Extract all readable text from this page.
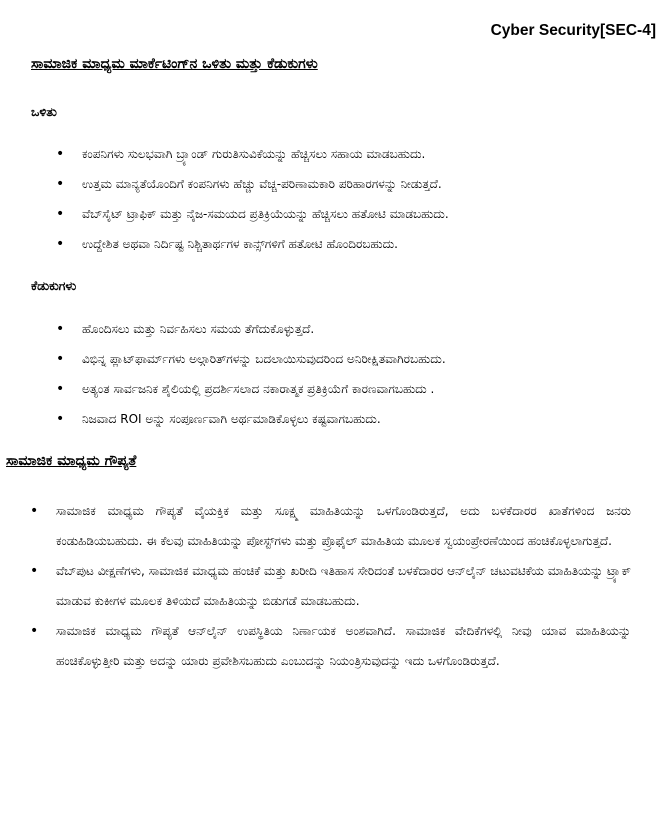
Cyber Security[SEC-4]
ಸಾಮಾಜಿಕ ಮಾಧ್ಯಮ ಮಾರ್ಕೆಟಿಂಗ್‌ನ ಒಳಿತು ಮತ್ತು ಕೆಡುಕುಗಳು
ಒಳಿತು
• ಕಂಪನಿಗಳು ಸುಲಭವಾಗಿ ಬ್ರ್ಯಾಂಡ್ ಗುರುತಿಸುವಿಕೆಯನ್ನು ಹೆಚ್ಚಿಸಲು ಸಹಾಯ ಮಾಡಬಹುದು.
• ಉತ್ತಮ ಮಾನ್ಯತೆಯೊಂದಿಗೆ ಕಂಪನಿಗಳು ಹೆಚ್ಚು ವೆಚ್ಚ-ಪರಿಣಾಮಕಾರಿ ಪರಿಹಾರಗಳನ್ನು ನೀಡುತ್ತದೆ.
• ವೆಬ್‌ಸೈಟ್ ಟ್ರಾಫಿಕ್ ಮತ್ತು ನೈಜ-ಸಮಯದ ಪ್ರತಿಕ್ರಿಯೆಯನ್ನು ಹೆಚ್ಚಿಸಲು ಹತೋಟಿ ಮಾಡಬಹುದು.
• ಉದ್ದೇಶಿತ ಅಥವಾ ನಿರ್ದಿಷ್ಟ ನಿಶ್ಚಿತಾರ್ಥಗಳ ಕಾನ್ಸ್‌ಗಳಿಗೆ ಹತೋಟಿ ಹೊಂದಿರಬಹುದು.
ಕೆಡುಕುಗಳು
• ಹೊಂದಿಸಲು ಮತ್ತು ನಿರ್ವಹಿಸಲು ಸಮಯ ತೆಗೆದುಕೊಳ್ಳುತ್ತದೆ.
• ವಿಭಿನ್ನ ಪ್ಲಾಟ್‌ಫಾರ್ಮ್‌ಗಳು ಅಲ್ಗಾರಿತ್‌ಗಳನ್ನು ಬದಲಾಯಿಸುವುದರಿಂದ ಅನಿರೀಕ್ಷಿತವಾಗಿರಬಹುದು.
• ಅತ್ಯಂತ ಸಾರ್ವಜನಿಕ ಶೈಲಿಯಲ್ಲಿ ಪ್ರದರ್ಶಿಸಲಾದ ನಕಾರಾತ್ಮಕ ಪ್ರತಿಕ್ರಿಯೆಗೆ ಕಾರಣವಾಗಬಹುದು .
• ನಿಜವಾದ ROI ಅನ್ನು ಸಂಪೂರ್ಣವಾಗಿ ಅರ್ಥಮಾಡಿಕೊಳ್ಳಲು ಕಷ್ಟವಾಗಬಹುದು.
ಸಾಮಾಜಿಕ ಮಾಧ್ಯಮ ಗೌಪ್ಯತೆ
• ಸಾಮಾಜಿಕ ಮಾಧ್ಯಮ ಗೌಪ್ಯತೆ ವೈಯಕ್ತಿಕ ಮತ್ತು ಸೂಕ್ಷ್ಮ ಮಾಹಿತಿಯನ್ನು ಒಳಗೊಂಡಿರುತ್ತದೆ, ಅದು ಬಳಕೆದಾರರ ಖಾತೆಗಳಿಂದ ಜನರು ಕಂಡುಹಿಡಿಯಬಹುದು. ಈ ಕೆಲವು ಮಾಹಿತಿಯನ್ನು ಪೋಸ್ಟ್‌ಗಳು ಮತ್ತು ಪ್ರೊಫೈಲ್ ಮಾಹಿತಿಯ ಮೂಲಕ ಸ್ವಯಂಪ್ರೇರಣೆಯಿಂದ ಹಂಚಿಕೊಳ್ಳಲಾಗುತ್ತದೆ.
• ವೆಬ್‌ಪುಟ ವೀಕ್ಷಣೆಗಳು, ಸಾಮಾಜಿಕ ಮಾಧ್ಯಮ ಹಂಚಿಕೆ ಮತ್ತು ಖರೀದಿ ಇತಿಹಾಸ ಸೇರಿದಂತೆ ಬಳಕೆದಾರರ ಆನ್‌ಲೈನ್ ಚಟುವಟಿಕೆಯ ಮಾಹಿತಿಯನ್ನು ಟ್ರ್ಯಾಕ್ ಮಾಡುವ ಕುಕೀಗಳ ಮೂಲಕ ತಿಳಿಯದೆ ಮಾಹಿತಿಯನ್ನು ಬಿಡುಗಡೆ ಮಾಡಬಹುದು.
• ಸಾಮಾಜಿಕ ಮಾಧ್ಯಮ ಗೌಪ್ಯತೆ ಆನ್‌ಲೈನ್ ಉಪಸ್ಥಿತಿಯ ನಿರ್ಣಾಯಕ ಅಂಶವಾಗಿದೆ. ಸಾಮಾಜಿಕ ವೇದಿಕೆಗಳಲ್ಲಿ ನೀವು ಯಾವ ಮಾಹಿತಿಯನ್ನು ಹಂಚಿಕೊಳ್ಳುತ್ತೀರಿ ಮತ್ತು ಅದನ್ನು ಯಾರು ಪ್ರವೇಶಿಸಬಹುದು ಎಂಬುದನ್ನು ನಿಯಂತ್ರಿಸುವುದನ್ನು ಇದು ಒಳಗೊಂಡಿರುತ್ತದೆ.
